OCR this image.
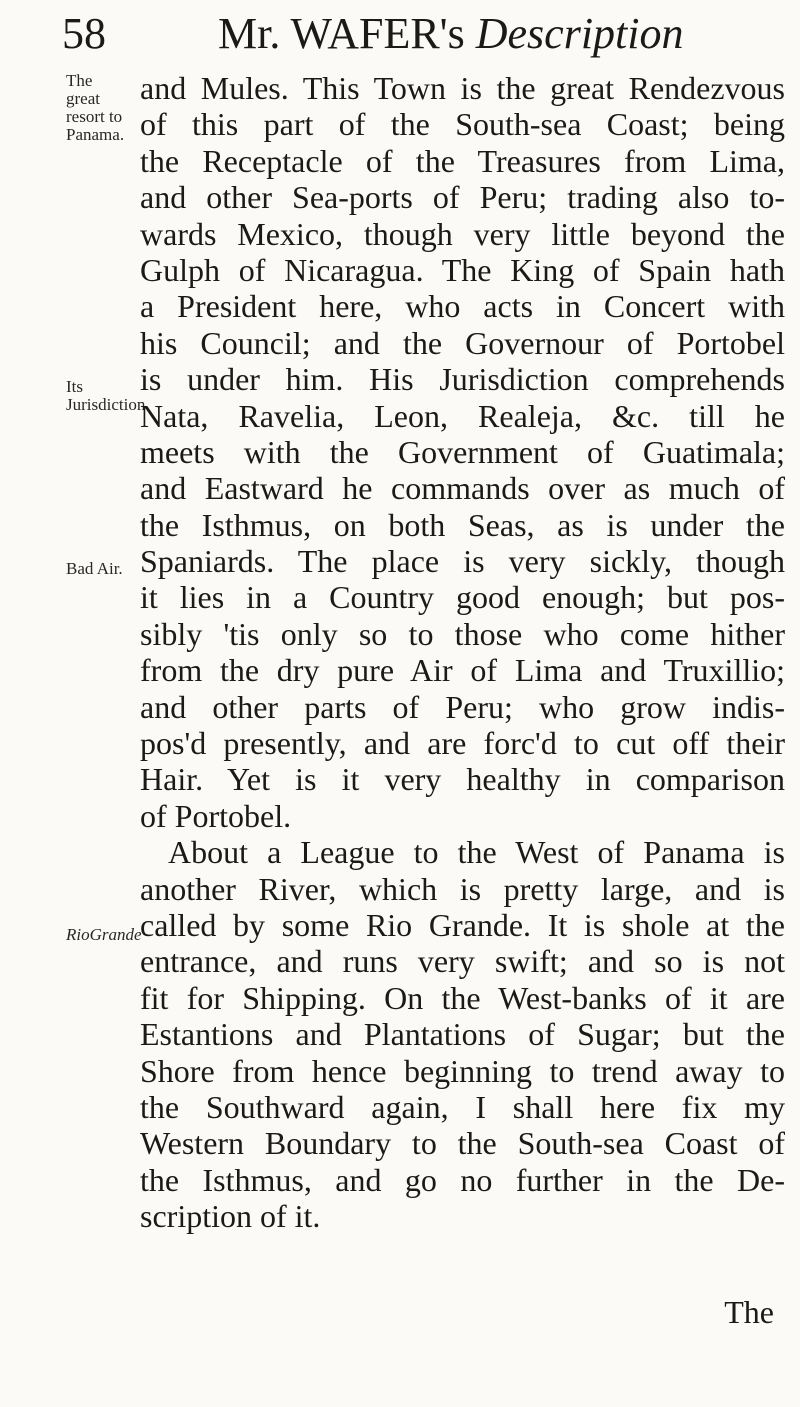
58	Mr. WAFER's Description
The great resort to Panama.
Its Jurisdiction.
Bad Air.
RioGrande
and Mules. This Town is the great Rendezvous
of this part of the South-sea Coast; being
the Receptacle of the Treasures from Lima,
and other Sea-ports of Peru; trading also to-
wards Mexico, though very little beyond the
Gulph of Nicaragua. The King of Spain hath
a President here, who acts in Concert with
his Council; and the Governour of Portobel
is under him. His Jurisdiction comprehends
Nata, Ravelia, Leon, Realeja, &c. till he
meets with the Government of Guatimala;
and Eastward he commands over as much of
the Isthmus, on both Seas, as is under the
Spaniards. The place is very sickly, though
it lies in a Country good enough; but pos-
sibly 'tis only so to those who come hither
from the dry pure Air of Lima and Truxillio;
and other parts of Peru; who grow indis-
pos'd presently, and are forc'd to cut off their
Hair. Yet is it very healthy in comparison
of Portobel.
About a League to the West of Panama is
another River, which is pretty large, and is
called by some Rio Grande. It is shole at the
entrance, and runs very swift; and so is not
fit for Shipping. On the West-banks of it are
Estantions and Plantations of Sugar; but the
Shore from hence beginning to trend away to
the Southward again, I shall here fix my
Western Boundary to the South-sea Coast of
the Isthmus, and go no further in the De-
scription of it.
The
